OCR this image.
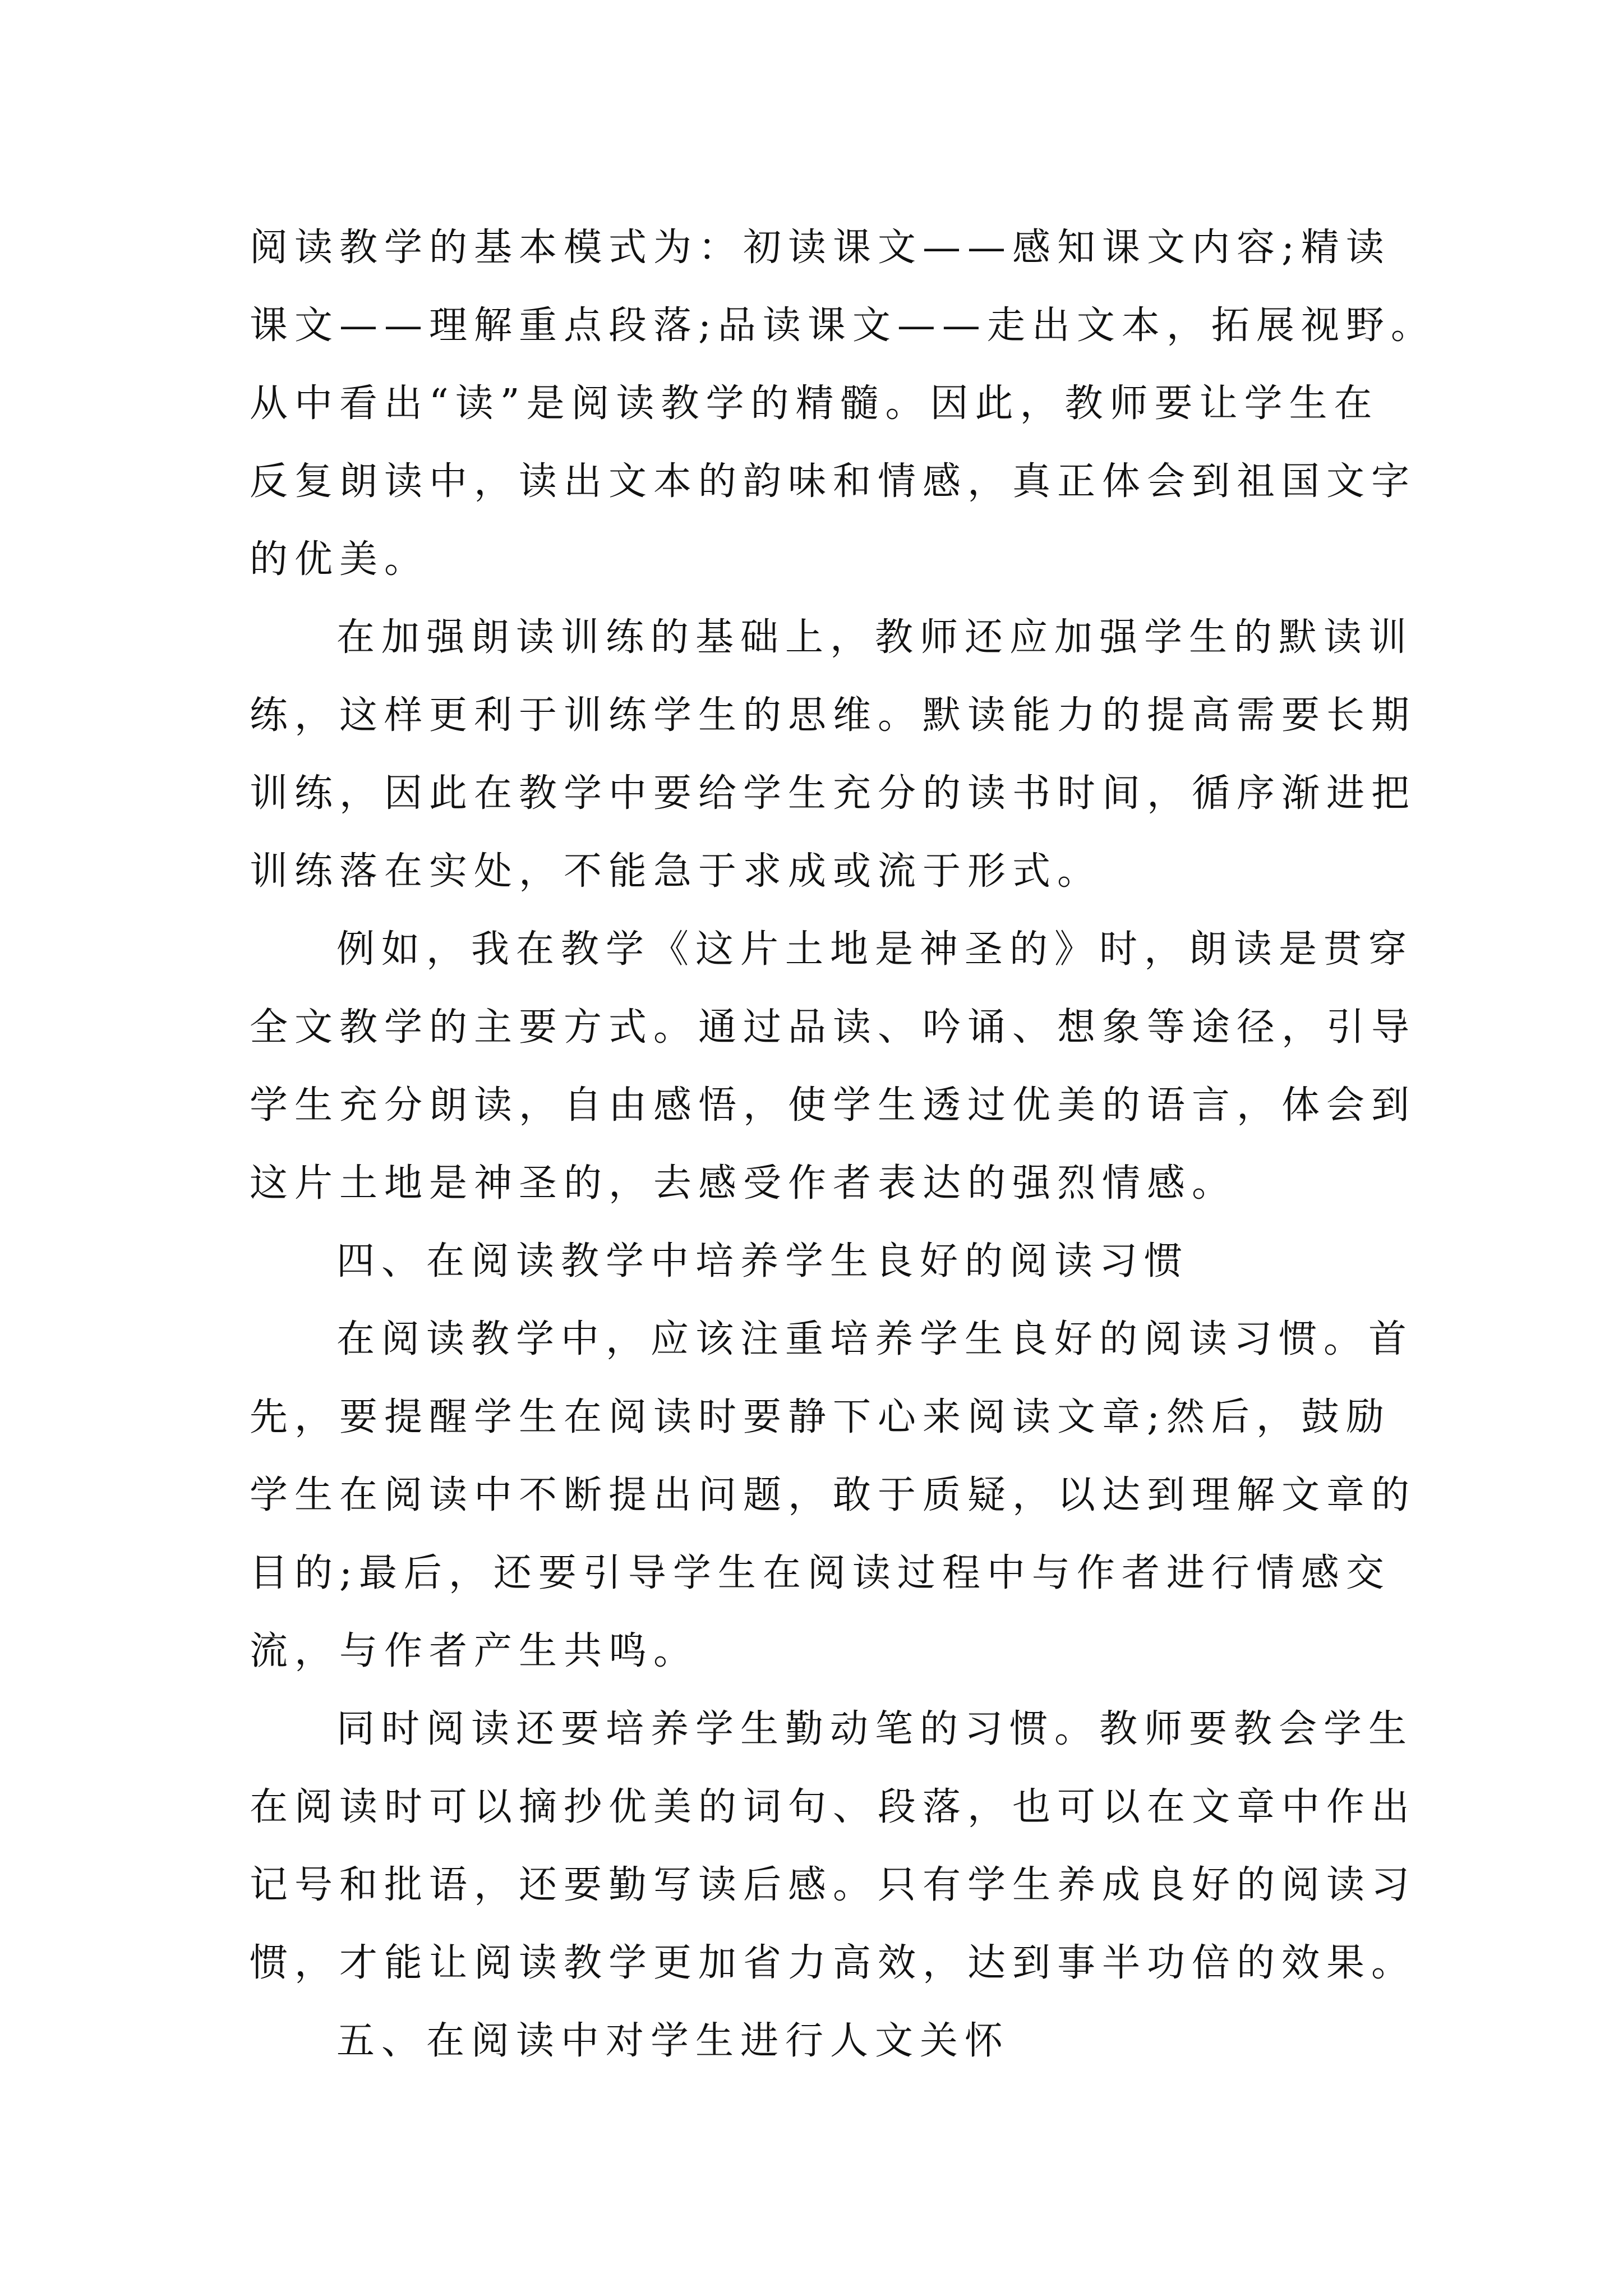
阅读教学的基本模式为：初读课文——感知课文内容;精读
课文——理解重点段落;品读课文——走出文本，拓展视野。
从中看出“读”是阅读教学的精髓。因此，教师要让学生在
反复朗读中，读出文本的韵味和情感，真正体会到祖国文字
的优美。
在加强朗读训练的基础上，教师还应加强学生的默读训
练，这样更利于训练学生的思维。默读能力的提高需要长期
训练，因此在教学中要给学生充分的读书时间，循序渐进把
训练落在实处，不能急于求成或流于形式。
例如，我在教学《这片土地是神圣的》时，朗读是贯穿
全文教学的主要方式。通过品读、吟诵、想象等途径，引导
学生充分朗读，自由感悟，使学生透过优美的语言，体会到
这片土地是神圣的，去感受作者表达的强烈情感。
四、在阅读教学中培养学生良好的阅读习惯
在阅读教学中，应该注重培养学生良好的阅读习惯。首
先，要提醒学生在阅读时要静下心来阅读文章;然后，鼓励
学生在阅读中不断提出问题，敢于质疑，以达到理解文章的
目的;最后，还要引导学生在阅读过程中与作者进行情感交
流，与作者产生共鸣。
同时阅读还要培养学生勤动笔的习惯。教师要教会学生
在阅读时可以摘抄优美的词句、段落，也可以在文章中作出
记号和批语，还要勤写读后感。只有学生养成良好的阅读习
惯，才能让阅读教学更加省力高效，达到事半功倍的效果。
五、在阅读中对学生进行人文关怀
